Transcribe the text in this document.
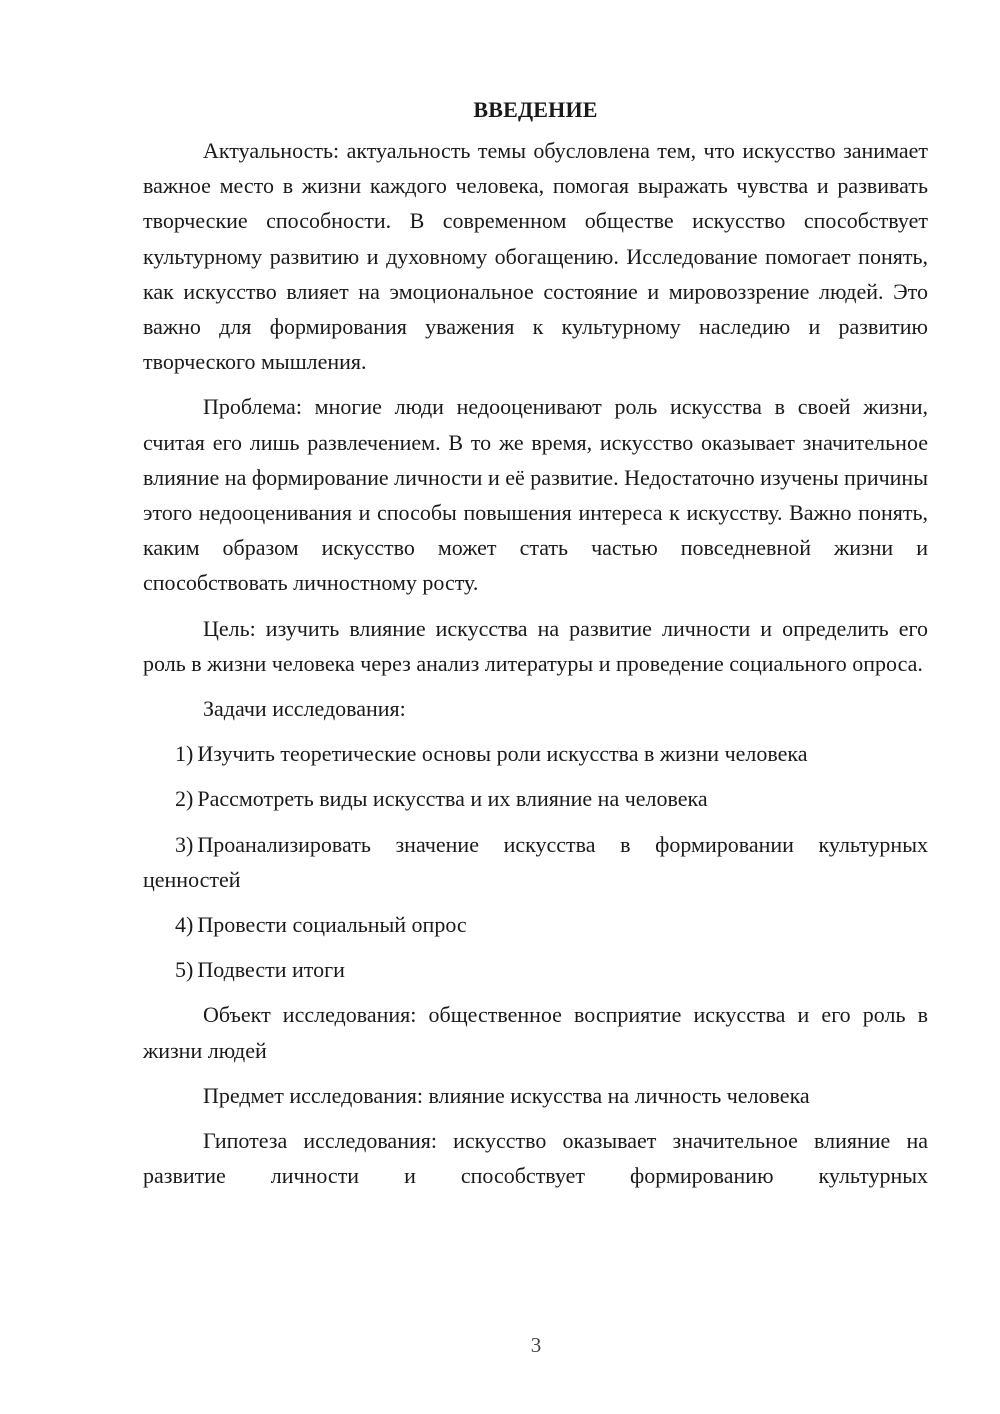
ВВЕДЕНИЕ

Актуальность: актуальность темы обусловлена тем, что искусство занимает важное место в жизни каждого человека, помогая выражать чувства и развивать творческие способности. В современном обществе искусство способствует культурному развитию и духовному обогащению. Исследование помогает понять, как искусство влияет на эмоциональное состояние и мировоззрение людей. Это важно для формирования уважения к культурному наследию и развитию творческого мышления.

Проблема: многие люди недооценивают роль искусства в своей жизни, считая его лишь развлечением. В то же время, искусство оказывает значительное влияние на формирование личности и её развитие. Недостаточно изучены причины этого недооценивания и способы повышения интереса к искусству. Важно понять, каким образом искусство может стать частью повседневной жизни и способствовать личностному росту.

Цель: изучить влияние искусства на развитие личности и определить его роль в жизни человека через анализ литературы и проведение социального опроса.

Задачи исследования:

1) Изучить теоретические основы роли искусства в жизни человека

2) Рассмотреть виды искусства и их влияние на человека

3) Проанализировать значение искусства в формировании культурных ценностей

4) Провести социальный опрос

5) Подвести итоги

Объект исследования: общественное восприятие искусства и его роль в жизни людей

Предмет исследования: влияние искусства на личность человека

Гипотеза исследования: искусство оказывает значительное влияние на развитие личности и способствует формированию культурных

3
